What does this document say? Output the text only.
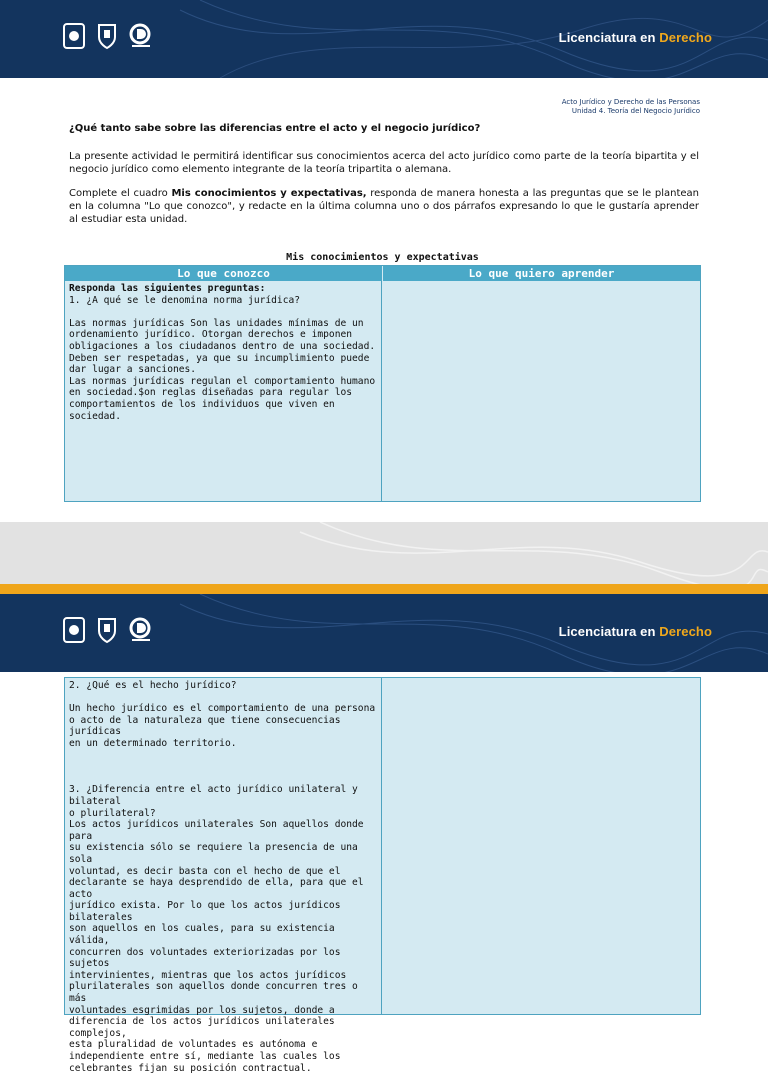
Licenciatura en Derecho
Acto Jurídico y Derecho de las Personas
Unidad 4. Teoría del Negocio Jurídico
¿Qué tanto sabe sobre las diferencias entre el acto y el negocio jurídico?
La presente actividad le permitirá identificar sus conocimientos acerca del acto jurídico como parte de la teoría bipartita y el negocio jurídico como elemento integrante de la teoría tripartita o alemana.
Complete el cuadro Mis conocimientos y expectativas, responda de manera honesta a las preguntas que se le plantean en la columna "Lo que conozco", y redacte en la última columna uno o dos párrafos expresando lo que le gustaría aprender al estudiar esta unidad.
Mis conocimientos y expectativas
Lo que conozco	Lo que quiero aprender
Responda las siguientes preguntas:
1. ¿A qué se le denomina norma jurídica?

Las normas jurídicas Son las unidades mínimas de un
ordenamiento jurídico. Otorgan derechos e imponen
obligaciones a los ciudadanos dentro de una sociedad.
Deben ser respetadas, ya que su incumplimiento puede
dar lugar a sanciones.
Las normas jurídicas regulan el comportamiento humano
en sociedad.$on reglas diseñadas para regular los
comportamientos de los individuos que viven en
sociedad.
Licenciatura en Derecho
2. ¿Qué es el hecho jurídico?

Un hecho jurídico es el comportamiento de una persona
o acto de la naturaleza que tiene consecuencias jurídicas
en un determinado territorio.

3. ¿Diferencia entre el acto jurídico unilateral y bilateral
o plurilateral?
Los actos jurídicos unilaterales Son aquellos donde para
su existencia sólo se requiere la presencia de una sola
voluntad, es decir basta con el hecho de que el
declarante se haya desprendido de ella, para que el acto
jurídico exista. Por lo que los actos jurídicos bilaterales
son aquellos en los cuales, para su existencia válida,
concurren dos voluntades exteriorizadas por los sujetos
intervinientes, mientras que los actos jurídicos
plurilaterales son aquellos donde concurren tres o más
voluntades esgrimidas por los sujetos, donde a
diferencia de los actos jurídicos unilaterales complejos,
esta pluralidad de voluntades es autónoma e
independiente entre sí, mediante las cuales los
celebrantes fijan su posición contractual.
